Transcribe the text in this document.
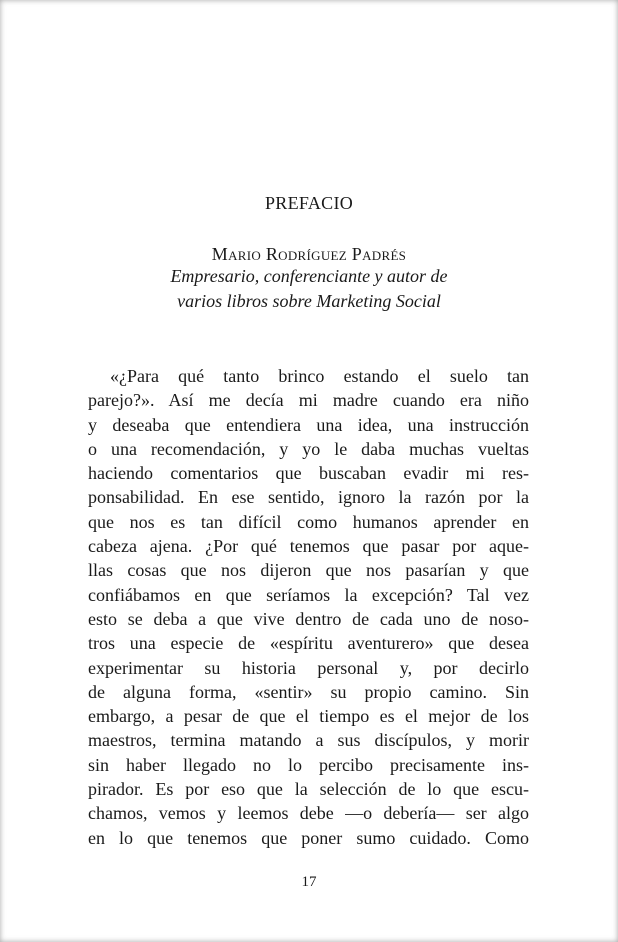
PREFACIO
Mario Rodríguez Padrés
Empresario, conferenciante y autor de
varios libros sobre Marketing Social
«¿Para qué tanto brinco estando el suelo tan
parejo?». Así me decía mi madre cuando era niño
y deseaba que entendiera una idea, una instrucción
o una recomendación, y yo le daba muchas vueltas
haciendo comentarios que buscaban evadir mi res-
ponsabilidad. En ese sentido, ignoro la razón por la
que nos es tan difícil como humanos aprender en
cabeza ajena. ¿Por qué tenemos que pasar por aque-
llas cosas que nos dijeron que nos pasarían y que
confiábamos en que seríamos la excepción? Tal vez
esto se deba a que vive dentro de cada uno de noso-
tros una especie de «espíritu aventurero» que desea
experimentar su historia personal y, por decirlo
de alguna forma, «sentir» su propio camino. Sin
embargo, a pesar de que el tiempo es el mejor de los
maestros, termina matando a sus discípulos, y morir
sin haber llegado no lo percibo precisamente ins-
pirador. Es por eso que la selección de lo que escu-
chamos, vemos y leemos debe —o debería— ser algo
en lo que tenemos que poner sumo cuidado. Como
17
